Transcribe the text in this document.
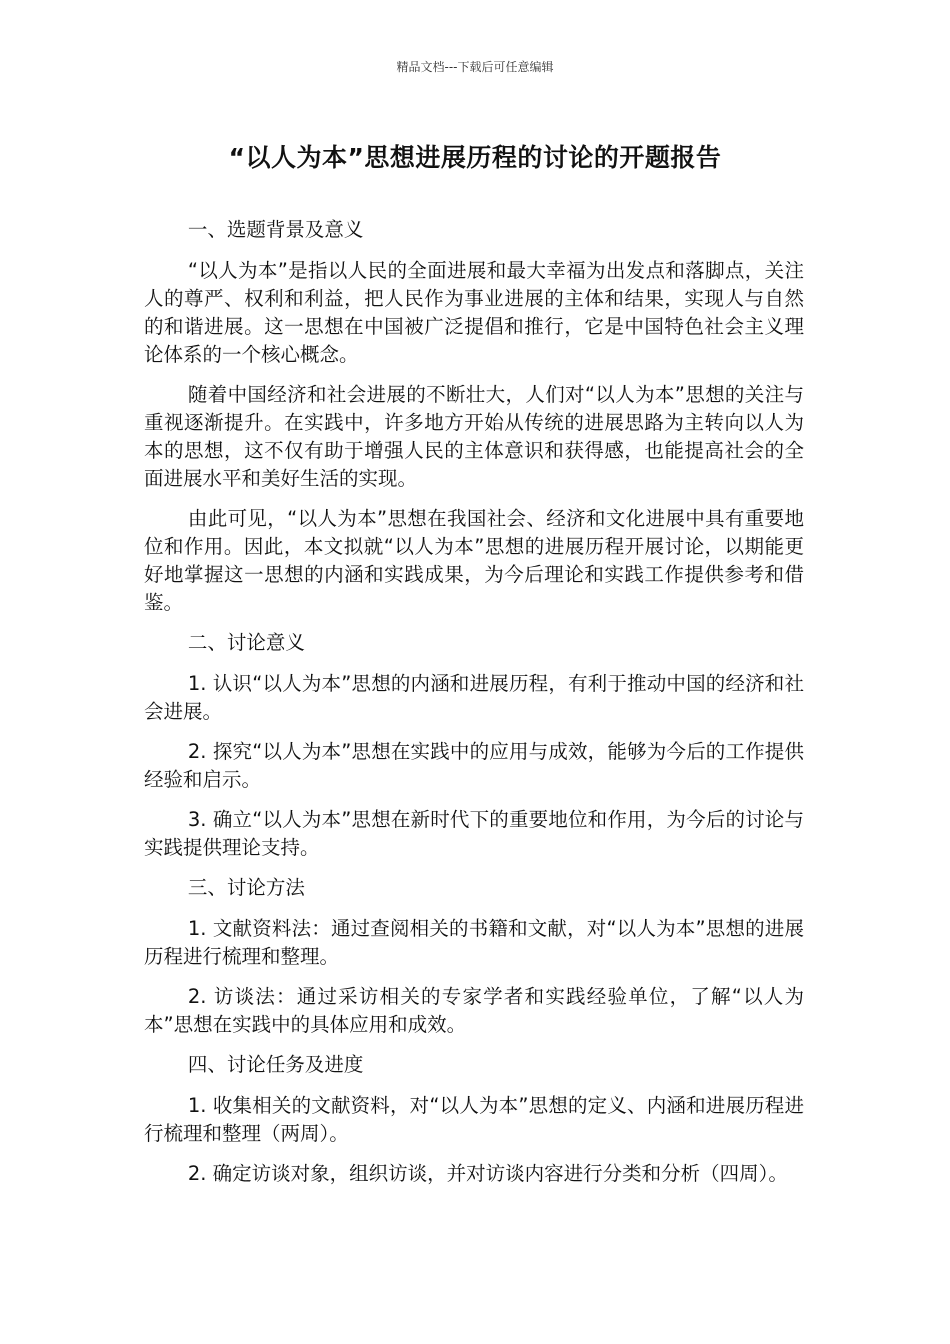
精品文档---下载后可任意编辑
“以人为本”思想进展历程的讨论的开题报告

一、选题背景及意义

“以人为本”是指以人民的全面进展和最大幸福为出发点和落脚点，关注人的尊严、权利和利益，把人民作为事业进展的主体和结果，实现人与自然的和谐进展。这一思想在中国被广泛提倡和推行，它是中国特色社会主义理论体系的一个核心概念。

随着中国经济和社会进展的不断壮大，人们对“以人为本”思想的关注与重视逐渐提升。在实践中，许多地方开始从传统的进展思路为主转向以人为本的思想，这不仅有助于增强人民的主体意识和获得感，也能提高社会的全面进展水平和美好生活的实现。

由此可见，“以人为本”思想在我国社会、经济和文化进展中具有重要地位和作用。因此，本文拟就“以人为本”思想的进展历程开展讨论，以期能更好地掌握这一思想的内涵和实践成果，为今后理论和实践工作提供参考和借鉴。

二、讨论意义

1. 认识“以人为本”思想的内涵和进展历程，有利于推动中国的经济和社会进展。

2. 探究“以人为本”思想在实践中的应用与成效，能够为今后的工作提供经验和启示。

3. 确立“以人为本”思想在新时代下的重要地位和作用，为今后的讨论与实践提供理论支持。

三、讨论方法

1. 文献资料法：通过查阅相关的书籍和文献，对“以人为本”思想的进展历程进行梳理和整理。

2. 访谈法：通过采访相关的专家学者和实践经验单位，了解“以人为本”思想在实践中的具体应用和成效。

四、讨论任务及进度

1. 收集相关的文献资料，对“以人为本”思想的定义、内涵和进展历程进行梳理和整理（两周）。

2. 确定访谈对象，组织访谈，并对访谈内容进行分类和分析（四周）。
